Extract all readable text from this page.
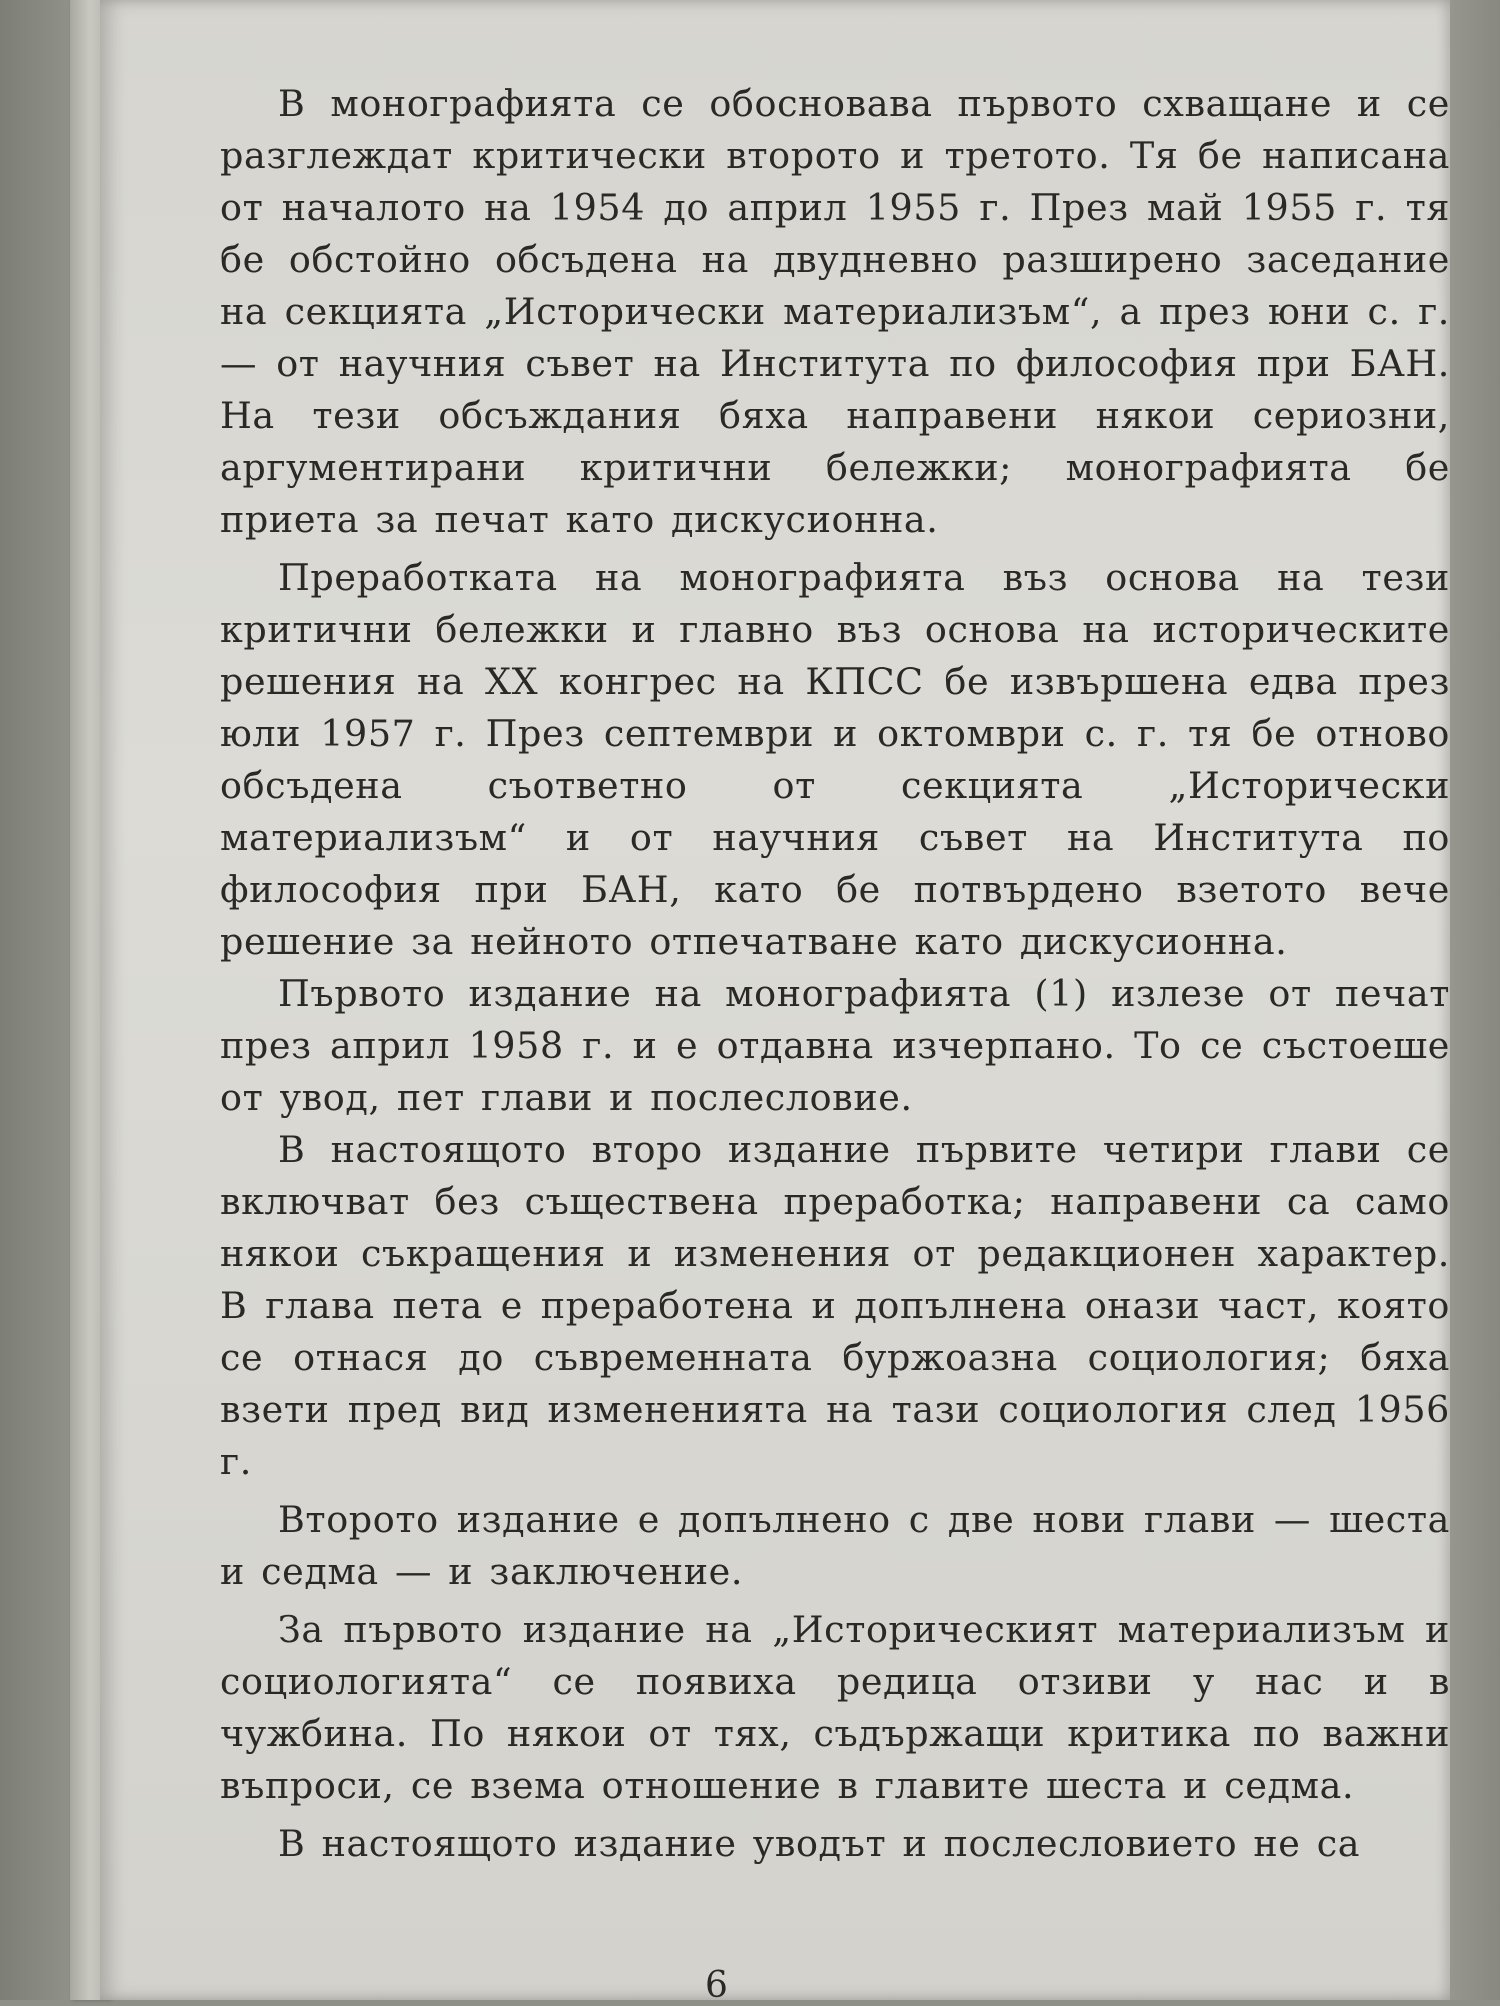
В монографията се обосновава първото схващане и се разглеждат критически второто и третото. Тя бе написана от началото на 1954 до април 1955 г. През май 1955 г. тя бе обстойно обсъдена на двудневно разширено заседание на секцията „Исторически материализъм“, а през юни с. г. — от научния съвет на Института по философия при БАН. На тези обсъждания бяха направени някои сериозни, аргументирани критични бележки; монографията бе приета за печат като дискусионна.

Преработката на монографията въз основа на тези критични бележки и главно въз основа на историческите решения на XX конгрес на КПСС бе извършена едва през юли 1957 г. През септември и октомври с. г. тя бе отново обсъдена съответно от секцията „Исторически материализъм“ и от научния съвет на Института по философия при БАН, като бе потвърдено взетото вече решение за нейното отпечатване като дискусионна.

Първото издание на монографията (1) излезе от печат през април 1958 г. и е отдавна изчерпано. То се състоеше от увод, пет глави и послесловие.

В настоящото второ издание първите четири глави се включват без съществена преработка; направени са само някои съкращения и изменения от редакционен характер. В глава пета е преработена и допълнена онази част, която се отнася до съвременната буржоазна социология; бяха взети пред вид измененията на тази социология след 1956 г.

Второто издание е допълнено с две нови глави — шеста и седма — и заключение.

За първото издание на „Историческият материализъм и социологията“ се появиха редица отзиви у нас и в чужбина. По някои от тях, съдържащи критика по важни въпроси, се взема отношение в главите шеста и седма.

В настоящото издание уводът и послесловието не са

6
